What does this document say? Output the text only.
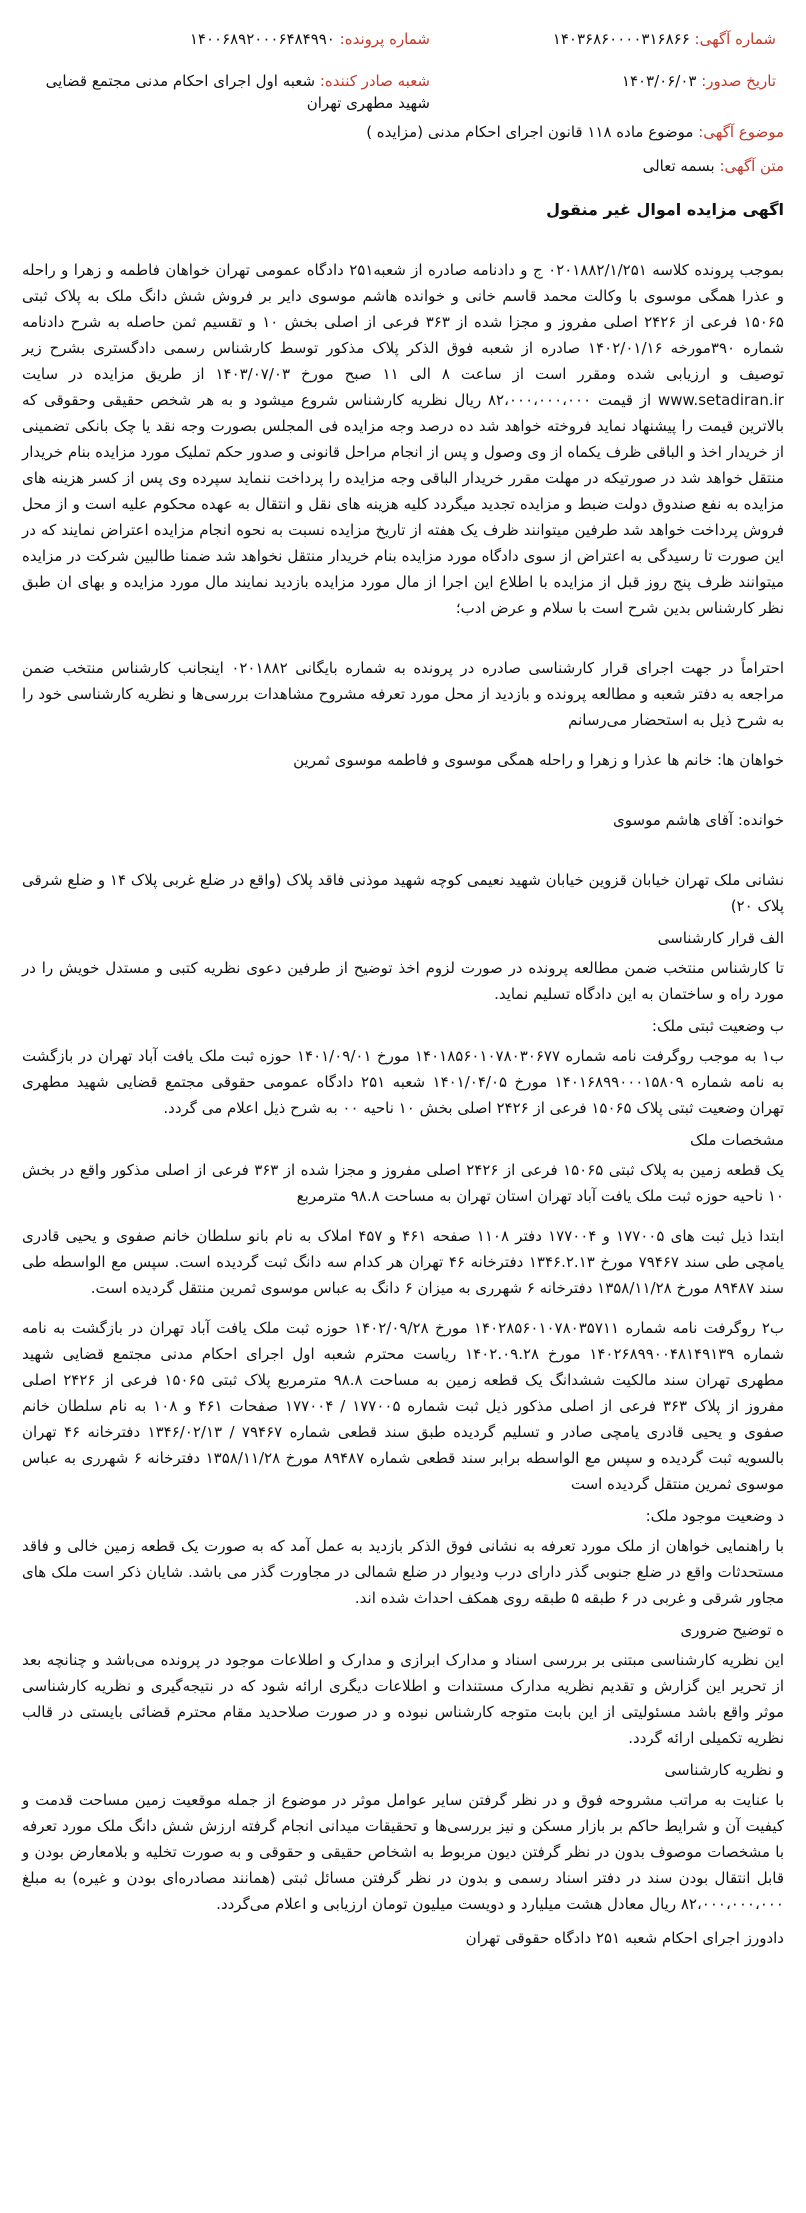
شماره آگهی: ۱۴۰۳۶۸۶۰۰۰۰۳۱۶۸۶۶
تاریخ صدور: ۱۴۰۳/۰۶/۰۳
شماره پرونده: ۱۴۰۰۶۸۹۲۰۰۰۶۴۸۴۹۹۰
شعبه صادر کننده: شعبه اول اجرای احکام مدنی مجتمع قضایی شهید مطهری تهران
موضوع آگهی: موضوع ماده ۱۱۸ قانون اجرای احکام مدنی (مزایده )
متن آگهی: بسمه تعالی
اگهی مزایده اموال غیر منقول

بموجب پرونده کلاسه ۰۲۰۱۸۸۲/۱/۲۵۱ ج و دادنامه صادره از شعبه۲۵۱ دادگاه عمومی تهران خواهان فاطمه و زهرا و راحله و عذرا همگی موسوی با وکالت محمد قاسم خانی و خوانده هاشم موسوی دایر بر فروش شش دانگ ملک به پلاک ثبتی ۱۵۰۶۵ فرعی از ۲۴۲۶ اصلی مفروز و مجزا شده از ۳۶۳ فرعی از اصلی بخش ۱۰ و تقسیم ثمن حاصله به شرح دادنامه شماره ۳۹۰مورخه ۱۴۰۲/۰۱/۱۶ صادره از شعبه فوق الذکر پلاک مذکور توسط کارشناس رسمی دادگستری بشرح زیر توصیف و ارزیابی شده ومقرر است از ساعت ۸ الی ۱۱ صبح مورخ ۱۴۰۳/۰۷/۰۳ از طریق مزایده در سایت www.setadiran.ir از قیمت ۸۲،۰۰۰،۰۰۰،۰۰۰ ریال نظریه کارشناس شروع میشود و به هر شخص حقیقی وحقوقی که بالاترین قیمت را پیشنهاد نماید فروخته خواهد شد ده درصد وجه مزایده فی المجلس بصورت وجه نقد یا چک بانکی تضمینی از خریدار اخذ و الباقی ظرف یکماه از وی وصول و پس از انجام مراحل قانونی و صدور حکم تملیک مورد مزایده بنام خریدار منتقل خواهد شد در صورتیکه در مهلت مقرر خریدار الباقی وجه مزایده را پرداخت ننماید سپرده وی پس از کسر هزینه های مزایده به نفع صندوق دولت ضبط و مزایده تجدید میگردد کلیه هزینه های نقل و انتقال به عهده محکوم علیه است و از محل فروش پرداخت خواهد شد طرفین میتوانند ظرف یک هفته از تاریخ مزایده نسبت به نحوه انجام مزایده اعتراض نمایند که در این صورت تا رسیدگی به اعتراض از سوی دادگاه مورد مزایده بنام خریدار منتقل نخواهد شد ضمنا طالبین شرکت در مزایده میتوانند ظرف پنج روز قبل از مزایده با اطلاع این اجرا از مال مورد مزایده بازدید نمایند مال مورد مزایده و بهای ان طبق نظر کارشناس بدین شرح است با سلام و عرض ادب؛

احتراماً در جهت اجرای قرار کارشناسی صادره در پرونده به شماره بایگانی ۰۲۰۱۸۸۲ اینجانب کارشناس منتخب ضمن مراجعه به دفتر شعبه و مطالعه پرونده و بازدید از محل مورد تعرفه مشروح مشاهدات بررسی‌ها و نظریه کارشناسی خود را به شرح ذیل به استحضار می‌رسانم

خواهان ها: خانم ها عذرا و زهرا و راحله همگی موسوی و فاطمه موسوی ثمرین

خوانده: آقای هاشم موسوی

نشانی ملک تهران خیابان قزوین خیابان شهید نعیمی کوچه شهید موذنی فاقد پلاک (واقع در ضلع غربی پلاک ۱۴ و ضلع شرقی پلاک ۲۰)

الف قرار کارشناسی

تا کارشناس منتخب ضمن مطالعه پرونده در صورت لزوم اخذ توضیح از طرفین دعوی نظریه کتبی و مستدل خویش را در مورد راه و ساختمان به این دادگاه تسلیم نماید.

ب وضعیت ثبتی ملک:

ب۱ به موجب روگرفت نامه شماره ۱۴۰۱۸۵۶۰۱۰۷۸۰۳۰۶۷۷ مورخ ۱۴۰۱/۰۹/۰۱ حوزه ثبت ملک یافت آباد تهران در بازگشت به نامه شماره ۱۴۰۱۶۸۹۹۰۰۰۱۵۸۰۹ مورخ ۱۴۰۱/۰۴/۰۵ شعبه ۲۵۱ دادگاه عمومی حقوقی مجتمع قضایی شهید مطهری تهران وضعیت ثبتی پلاک ۱۵۰۶۵ فرعی از ۲۴۲۶ اصلی بخش ۱۰ ناحیه ۰۰ به شرح ذیل اعلام می گردد.

مشخصات ملک

یک قطعه زمین به پلاک ثبتی ۱۵۰۶۵ فرعی از ۲۴۲۶ اصلی مفروز و مجزا شده از ۳۶۳ فرعی از اصلی مذکور واقع در بخش ۱۰ ناحیه حوزه ثبت ملک یافت آباد تهران استان تهران به مساحت ۹۸.۸ مترمربع

ابتدا ذیل ثبت های ۱۷۷۰۰۵ و ۱۷۷۰۰۴ دفتر ۱۱۰۸ صفحه ۴۶۱ و ۴۵۷ املاک به نام بانو سلطان خانم صفوی و یحیی قادری یامچی طی سند ۷۹۴۶۷ مورخ ۱۳۴۶.۲.۱۳ دفترخانه ۴۶ تهران هر کدام سه دانگ ثبت گردیده است. سپس مع الواسطه طی سند ۸۹۴۸۷ مورخ ۱۳۵۸/۱۱/۲۸ دفترخانه ۶ شهرری به میزان ۶ دانگ به عباس موسوی ثمرین منتقل گردیده است.

ب۲ روگرفت نامه شماره ۱۴۰۲۸۵۶۰۱۰۷۸۰۳۵۷۱۱ مورخ ۱۴۰۲/۰۹/۲۸ حوزه ثبت ملک یافت آباد تهران در بازگشت به نامه شماره ۱۴۰۲۶۸۹۹۰۰۴۸۱۴۹۱۳۹ مورخ ۱۴۰۲.۰۹.۲۸ ریاست محترم شعبه اول اجرای احکام مدنی مجتمع قضایی شهید مطهری تهران سند مالکیت ششدانگ یک قطعه زمین به مساحت ۹۸.۸ مترمربع پلاک ثبتی ۱۵۰۶۵ فرعی از ۲۴۲۶ اصلی مفروز از پلاک ۳۶۳ فرعی از اصلی مذکور ذیل ثبت شماره ۱۷۷۰۰۵ / ۱۷۷۰۰۴ صفحات ۴۶۱ و ۱۰۸ به نام سلطان خانم صفوی و یحیی قادری یامچی صادر و تسلیم گردیده طبق سند قطعی شماره ۷۹۴۶۷ / ۱۳۴۶/۰۲/۱۳ دفترخانه ۴۶ تهران بالسویه ثبت گردیده و سپس مع الواسطه برابر سند قطعی شماره ۸۹۴۸۷ مورخ ۱۳۵۸/۱۱/۲۸ دفترخانه ۶ شهرری به عباس موسوی ثمرین منتقل گردیده است

د وضعیت موجود ملک:

با راهنمایی خواهان از ملک مورد تعرفه به نشانی فوق الذکر بازدید به عمل آمد که به صورت یک قطعه زمین خالی و فاقد مستحدثات واقع در ضلع جنوبی گذر دارای درب ودیوار در ضلع شمالی در مجاورت گذر می باشد. شایان ذکر است ملک های مجاور شرقی و غربی در ۶ طبقه ۵ طبقه روی همکف احداث شده اند.

ه توضیح ضروری

این نظریه کارشناسی مبتنی بر بررسی اسناد و مدارک ابرازی و مدارک و اطلاعات موجود در پرونده می‌باشد و چنانچه بعد از تحریر این گزارش و تقدیم نظریه مدارک مستندات و اطلاعات دیگری ارائه شود که در نتیجه‌گیری و نظریه کارشناسی موثر واقع باشد مسئولیتی از این بابت متوجه کارشناس نبوده و در صورت صلاحدید مقام محترم قضائی بایستی در قالب نظریه تکمیلی ارائه گردد.

و نظریه کارشناسی

با عنایت به مراتب مشروحه فوق و در نظر گرفتن سایر عوامل موثر در موضوع از جمله موقعیت زمین مساحت قدمت و کیفیت آن و شرایط حاکم بر بازار مسکن و نیز بررسی‌ها و تحقیقات میدانی انجام گرفته ارزش شش دانگ ملک مورد تعرفه با مشخصات موصوف بدون در نظر گرفتن دیون مربوط به اشخاص حقیقی و حقوقی و به صورت تخلیه و بلامعارض بودن و قابل انتقال بودن سند در دفتر اسناد رسمی و بدون در نظر گرفتن مسائل ثبتی (همانند مصادره‌ای بودن و غیره) به مبلغ ۸۲،۰۰۰،۰۰۰،۰۰۰ ریال معادل هشت میلیارد و دویست میلیون تومان ارزیابی و اعلام می‌گردد.

دادورز اجرای احکام شعبه ۲۵۱ دادگاه حقوقی تهران
